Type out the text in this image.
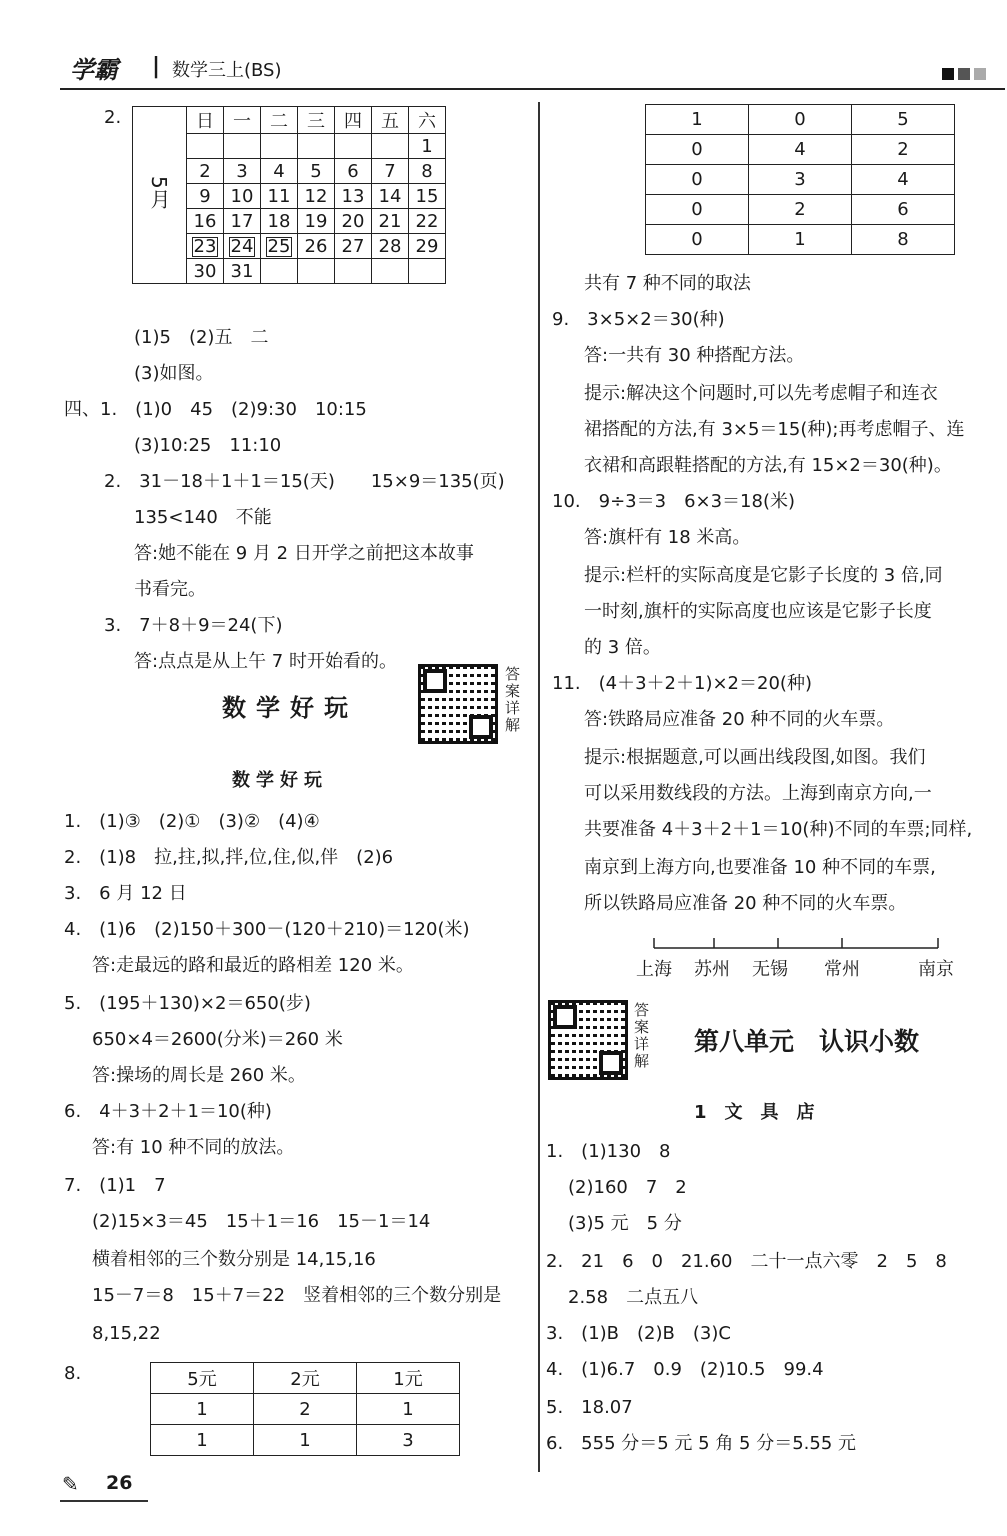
学霸 | 数学三上(BS)
2.
5月	日	一	二	三	四	五	六
							1
	2	3	4	5	6	7	8
	9	10	11	12	13	14	15
	16	17	18	19	20	21	22
	23	24	25	26	27	28	29
	30	31					
(1)5　(2)五　二
(3)如图。
四、1.　(1)0　45　(2)9:30　10:15
(3)10:25　11:10
2.　31－18＋1＋1＝15(天)　　15×9＝135(页)
135<140　不能
答:她不能在 9 月 2 日开学之前把这本故事
书看完。
3.　7＋8＋9＝24(下)
答:点点是从上午 7 时开始看的。
数学好玩
答案详解
数学好玩
1.　(1)③　(2)①　(3)②　(4)④
2.　(1)8　拉,拄,拟,拌,位,住,似,伴　(2)6
3.　6 月 12 日
4.　(1)6　(2)150＋300－(120＋210)＝120(米)
答:走最远的路和最近的路相差 120 米。
5.　(195＋130)×2＝650(步)
650×4＝2600(分米)＝260 米
答:操场的周长是 260 米。
6.　4＋3＋2＋1＝10(种)
答:有 10 种不同的放法。
7.　(1)1　7
(2)15×3＝45　15＋1＝16　15－1＝14
横着相邻的三个数分别是 14,15,16
15－7＝8　15＋7＝22　竖着相邻的三个数分别是
8,15,22
8.	5元	2元	1元
1	2	1
1	1	3
1	0	5
0	4	2
0	3	4
0	2	6
0	1	8
共有 7 种不同的取法
9.　3×5×2＝30(种)
答:一共有 30 种搭配方法。
提示:解决这个问题时,可以先考虑帽子和连衣
裙搭配的方法,有 3×5＝15(种);再考虑帽子、连
衣裙和高跟鞋搭配的方法,有 15×2＝30(种)。
10.　9÷3＝3　6×3＝18(米)
答:旗杆有 18 米高。
提示:栏杆的实际高度是它影子长度的 3 倍,同
一时刻,旗杆的实际高度也应该是它影子长度
的 3 倍。
11.　(4＋3＋2＋1)×2＝20(种)
答:铁路局应准备 20 种不同的火车票。
提示:根据题意,可以画出线段图,如图。我们
可以采用数线段的方法。上海到南京方向,一
共要准备 4＋3＋2＋1＝10(种)不同的车票;同样,
南京到上海方向,也要准备 10 种不同的车票,
所以铁路局应准备 20 种不同的火车票。
上海 苏州 无锡 常州	南京
答案详解
第八单元　认识小数
1　文　具　店
1.　(1)130　8
(2)160　7　2
(3)5 元　5 分
2.　21　6　0　21.60　二十一点六零　2　5　8
2.58　二点五八
3.　(1)B　(2)B　(3)C
4.　(1)6.7　0.9　(2)10.5　99.4
5.　18.07
6.　555 分＝5 元 5 角 5 分＝5.55 元
✎ 26
